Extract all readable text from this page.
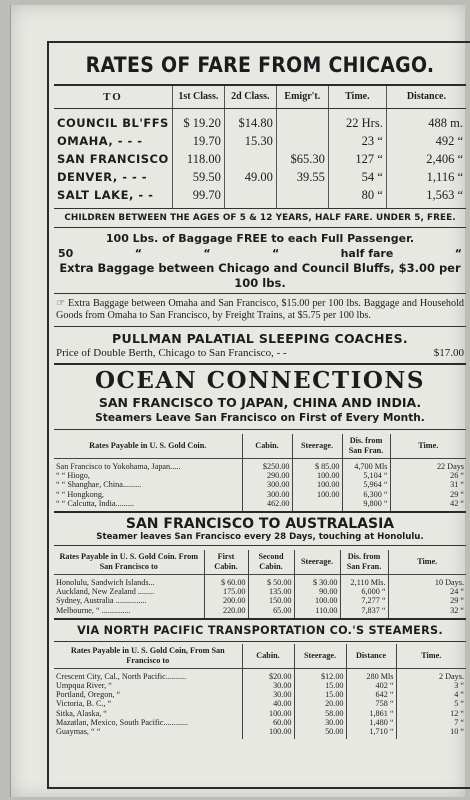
RATES OF FARE FROM CHICAGO.
TO	1st Class.	2d Class.	Emigr't.	Time.	Distance.
COUNCIL BL'FFS	$ 19.20	$14.80		22 Hrs.	488 m.
OMAHA, - - -	19.70	15.30		23 “	492 “
SAN FRANCISCO	118.00		$65.30	127 “	2,406 “
DENVER, - - -	59.50	49.00	39.55	54 “	1,116 “
SALT LAKE, - -	99.70			80 “	1,563 “
CHILDREN BETWEEN THE AGES OF 5 & 12 YEARS, HALF FARE. UNDER 5, FREE.
100 Lbs. of Baggage FREE to each Full Passenger.
50	“	“	“	half fare	“
Extra Baggage between Chicago and Council Bluffs, $3.00 per 100 lbs.
☞ Extra Baggage between Omaha and San Francisco, $15.00 per 100 lbs. Baggage and Household Goods from Omaha to San Francisco, by Freight Trains, at $5.75 per 100 lbs.
PULLMAN PALATIAL SLEEPING COACHES.
Price of Double Berth, Chicago to San Francisco, - -	$17.00
OCEAN CONNECTIONS
SAN FRANCISCO TO JAPAN, CHINA AND INDIA.
Steamers Leave San Francisco on First of Every Month.
Rates Payable in U. S. Gold Coin.	Cabin.	Steerage.	Dis. from San Fran.	Time.
San Francisco to Yokohama, Japan.....	$250.00	$ 85.00	4,700 Mls	22 Days
“ “ Hiogo,	290.00	100.00	5,104 “	26 “
“ “ Shanghae, China.........	300.00	100.00	5,964 “	31 “
“ “ Hongkong,	300.00	100.00	6,300 “	29 “
“ “ Calcutta, India.........	462.00		9,800 “	42 “
SAN FRANCISCO TO AUSTRALASIA
Steamer leaves San Francisco every 28 Days, touching at Honolulu.
Rates Payable in U. S. Gold Coin. From San Francisco to	First Cabin.	Second Cabin.	Steerage.	Dis. from San Fran.	Time.
Honolulu, Sandwich Islands...	$ 60.00	$ 50.00	$ 30.00	2,110 Mls.	10 Days.
Auckland, New Zealand ........	175.00	135.00	90.00	6,000 “	24 “
Sydney, Australia ...............	200.00	150.00	100.00	7,277 “	29 “
Melbourne, “ ..............	220.00	65.00	110.00	7,837 “	32 “
VIA NORTH PACIFIC TRANSPORTATION CO.'S STEAMERS.
Rates Payable in U. S. Gold Coin, From San Francisco to	Cabin.	Steerage.	Distance	Time.
Crescent City, Cal., North Pacific..........	$20.00	$12.00	280 Mls	2 Days.
Umpqua River, “	30.00	15.00	402 “	3 “
Portland, Oregon, “	30.00	15.00	642 “	4 “
Victoria, B. C., “	40.00	20.00	758 “	5 “
Sitka, Alaska, “	100.00	58.00	1,861 “	12 “
Mazatlan, Mexico, South Pacific............	60.00	30.00	1,480 “	7 “
Guaymas, “ “	100.00	50.00	1,710 “	10 “
